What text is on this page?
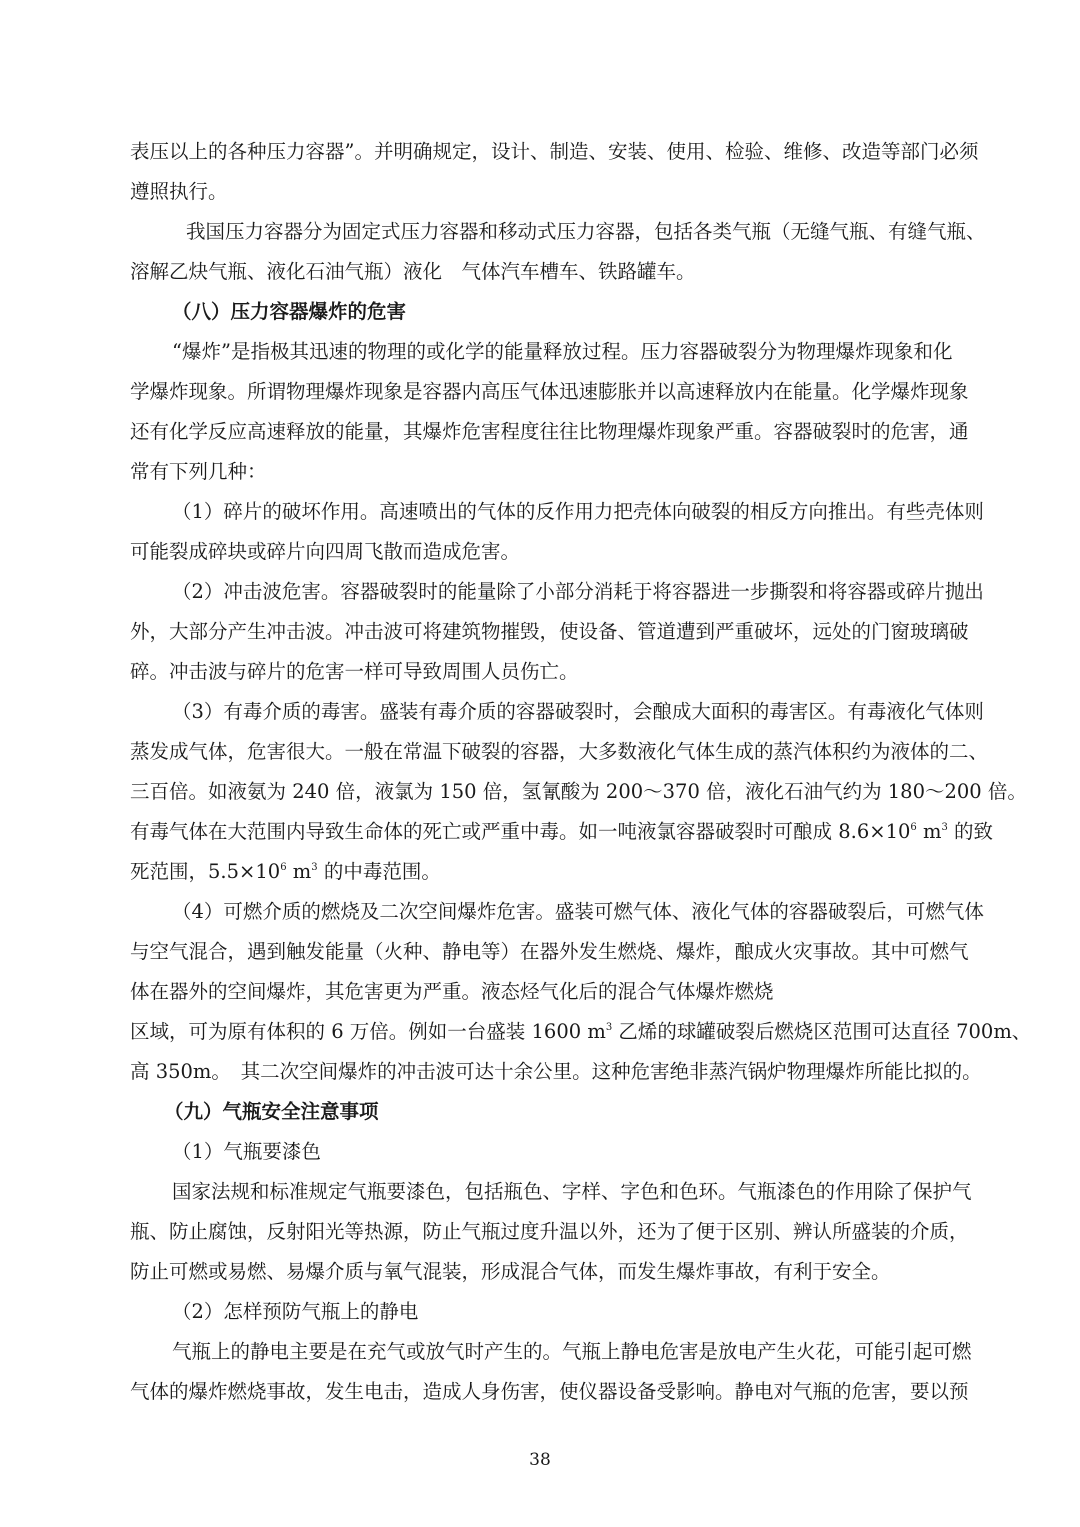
表压以上的各种压力容器”。并明确规定，设计、制造、安装、使用、检验、维修、改造等部门必须
遵照执行。
我国压力容器分为固定式压力容器和移动式压力容器，包括各类气瓶（无缝气瓶、有缝气瓶、
溶解乙炔气瓶、液化石油气瓶）液化　气体汽车槽车、铁路罐车。
（八）压力容器爆炸的危害
“爆炸”是指极其迅速的物理的或化学的能量释放过程。压力容器破裂分为物理爆炸现象和化
学爆炸现象。所谓物理爆炸现象是容器内高压气体迅速膨胀并以高速释放内在能量。化学爆炸现象
还有化学反应高速释放的能量，其爆炸危害程度往往比物理爆炸现象严重。容器破裂时的危害，通
常有下列几种：
（1）碎片的破坏作用。高速喷出的气体的反作用力把壳体向破裂的相反方向推出。有些壳体则
可能裂成碎块或碎片向四周飞散而造成危害。
（2）冲击波危害。容器破裂时的能量除了小部分消耗于将容器进一步撕裂和将容器或碎片抛出
外，大部分产生冲击波。冲击波可将建筑物摧毁，使设备、管道遭到严重破坏，远处的门窗玻璃破
碎。冲击波与碎片的危害一样可导致周围人员伤亡。
（3）有毒介质的毒害。盛装有毒介质的容器破裂时，会酿成大面积的毒害区。有毒液化气体则
蒸发成气体，危害很大。一般在常温下破裂的容器，大多数液化气体生成的蒸汽体积约为液体的二、
三百倍。如液氨为 240 倍，液氯为 150 倍，氢氰酸为 200～370 倍，液化石油气约为 180～200 倍。
有毒气体在大范围内导致生命体的死亡或严重中毒。如一吨液氯容器破裂时可酿成 $8.6\times 10^6$ $m^3$ 的致
死范围，$5.5\times 10^6$ $m^3$ 的中毒范围。
（4）可燃介质的燃烧及二次空间爆炸危害。盛装可燃气体、液化气体的容器破裂后，可燃气体
与空气混合，遇到触发能量（火种、静电等）在器外发生燃烧、爆炸，酿成火灾事故。其中可燃气
体在器外的空间爆炸，其危害更为严重。液态烃气化后的混合气体爆炸燃烧
区域，可为原有体积的 6 万倍。例如一台盛装 1600 $m^3$ 乙烯的球罐破裂后燃烧区范围可达直径 700m、
高 350m。　其二次空间爆炸的冲击波可达十余公里。这种危害绝非蒸汽锅炉物理爆炸所能比拟的。
（九）气瓶安全注意事项
（1）气瓶要漆色
国家法规和标准规定气瓶要漆色，包括瓶色、字样、字色和色环。气瓶漆色的作用除了保护气
瓶、防止腐蚀，反射阳光等热源，防止气瓶过度升温以外，还为了便于区别、辨认所盛装的介质，
防止可燃或易燃、易爆介质与氧气混装，形成混合气体，而发生爆炸事故，有利于安全。
（2）怎样预防气瓶上的静电
气瓶上的静电主要是在充气或放气时产生的。气瓶上静电危害是放电产生火花，可能引起可燃
气体的爆炸燃烧事故，发生电击，造成人身伤害，使仪器设备受影响。静电对气瓶的危害，要以预
38
